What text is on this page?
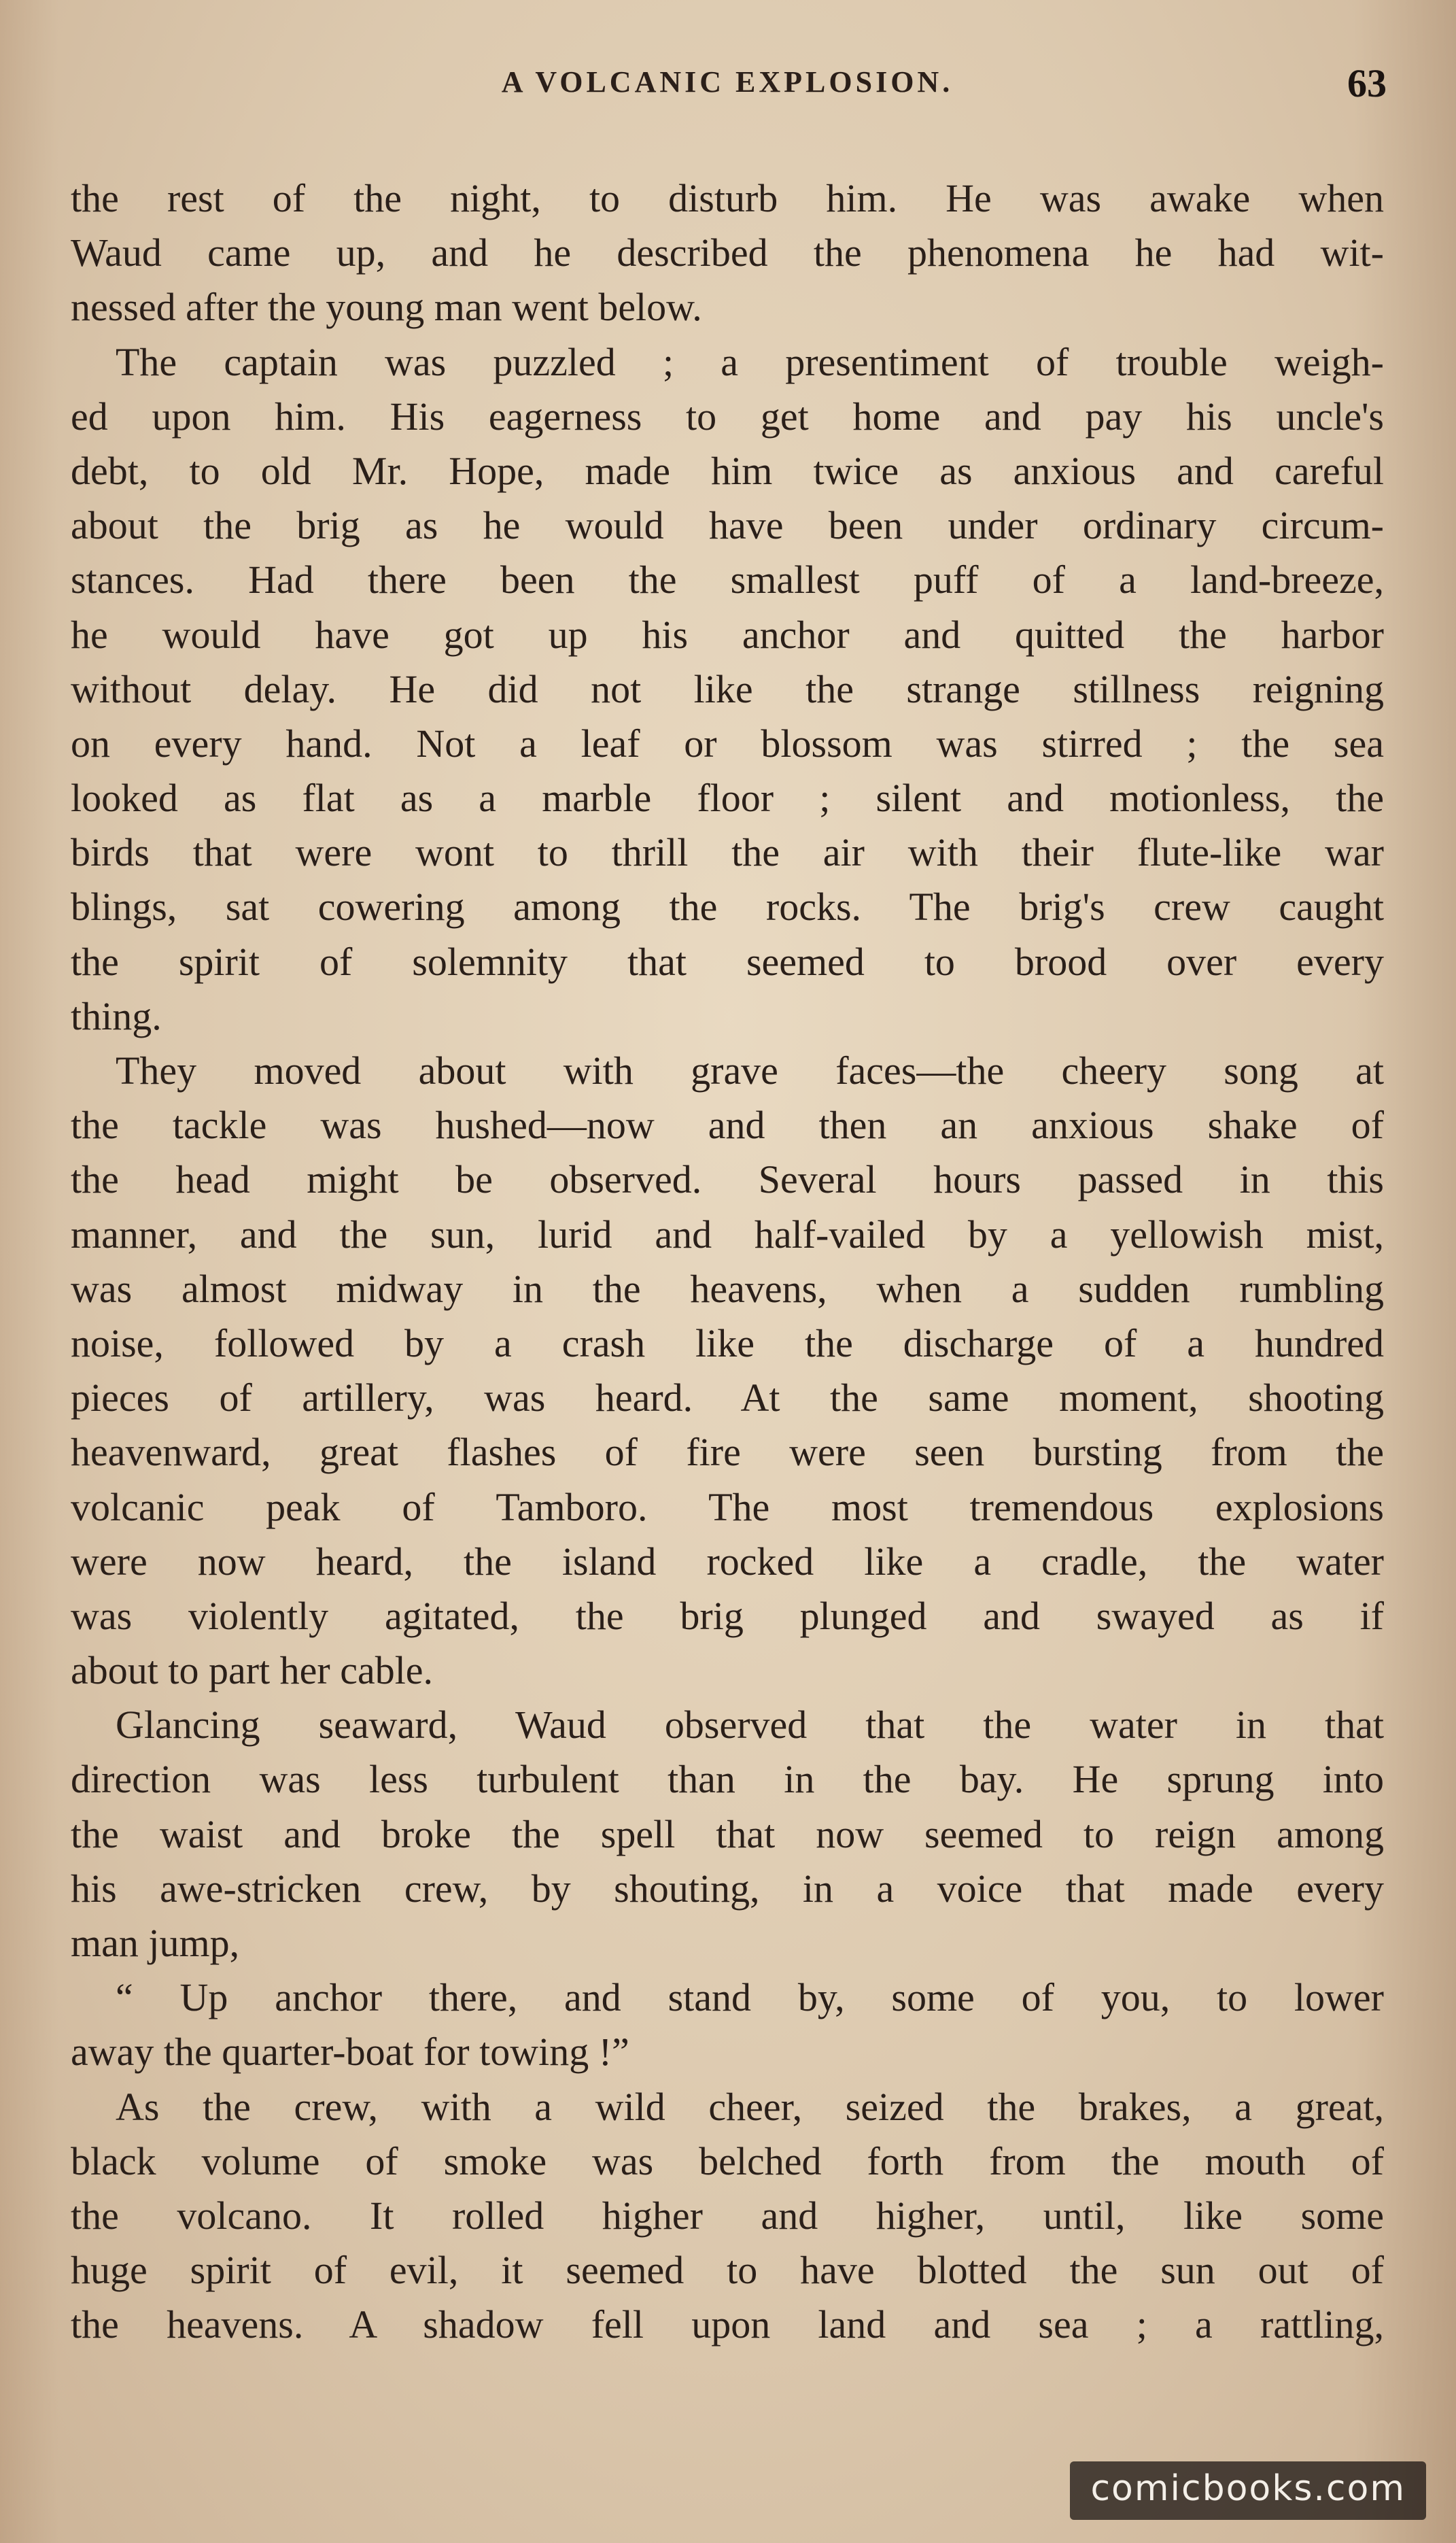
A VOLCANIC EXPLOSION.	63
the rest of the night, to disturb him. He was awake when
Waud came up, and he described the phenomena he had wit-
nessed after the young man went below.
The captain was puzzled ; a presentiment of trouble weigh-
ed upon him. His eagerness to get home and pay his uncle's
debt, to old Mr. Hope, made him twice as anxious and careful
about the brig as he would have been under ordinary circum-
stances. Had there been the smallest puff of a land-breeze,
he would have got up his anchor and quitted the harbor
without delay. He did not like the strange stillness reigning
on every hand. Not a leaf or blossom was stirred ; the sea
looked as flat as a marble floor ; silent and motionless, the
birds that were wont to thrill the air with their flute-like war
blings, sat cowering among the rocks. The brig's crew caught
the spirit of solemnity that seemed to brood over every
thing.
They moved about with grave faces—the cheery song at
the tackle was hushed—now and then an anxious shake of
the head might be observed. Several hours passed in this
manner, and the sun, lurid and half-vailed by a yellowish mist,
was almost midway in the heavens, when a sudden rumbling
noise, followed by a crash like the discharge of a hundred
pieces of artillery, was heard. At the same moment, shooting
heavenward, great flashes of fire were seen bursting from the
volcanic peak of Tamboro. The most tremendous explosions
were now heard, the island rocked like a cradle, the water
was violently agitated, the brig plunged and swayed as if
about to part her cable.
Glancing seaward, Waud observed that the water in that
direction was less turbulent than in the bay. He sprung into
the waist and broke the spell that now seemed to reign among
his awe-stricken crew, by shouting, in a voice that made every
man jump,
“ Up anchor there, and stand by, some of you, to lower
away the quarter-boat for towing !”
As the crew, with a wild cheer, seized the brakes, a great,
black volume of smoke was belched forth from the mouth of
the volcano. It rolled higher and higher, until, like some
huge spirit of evil, it seemed to have blotted the sun out of
the heavens. A shadow fell upon land and sea ; a rattling,
comicbooks.com
